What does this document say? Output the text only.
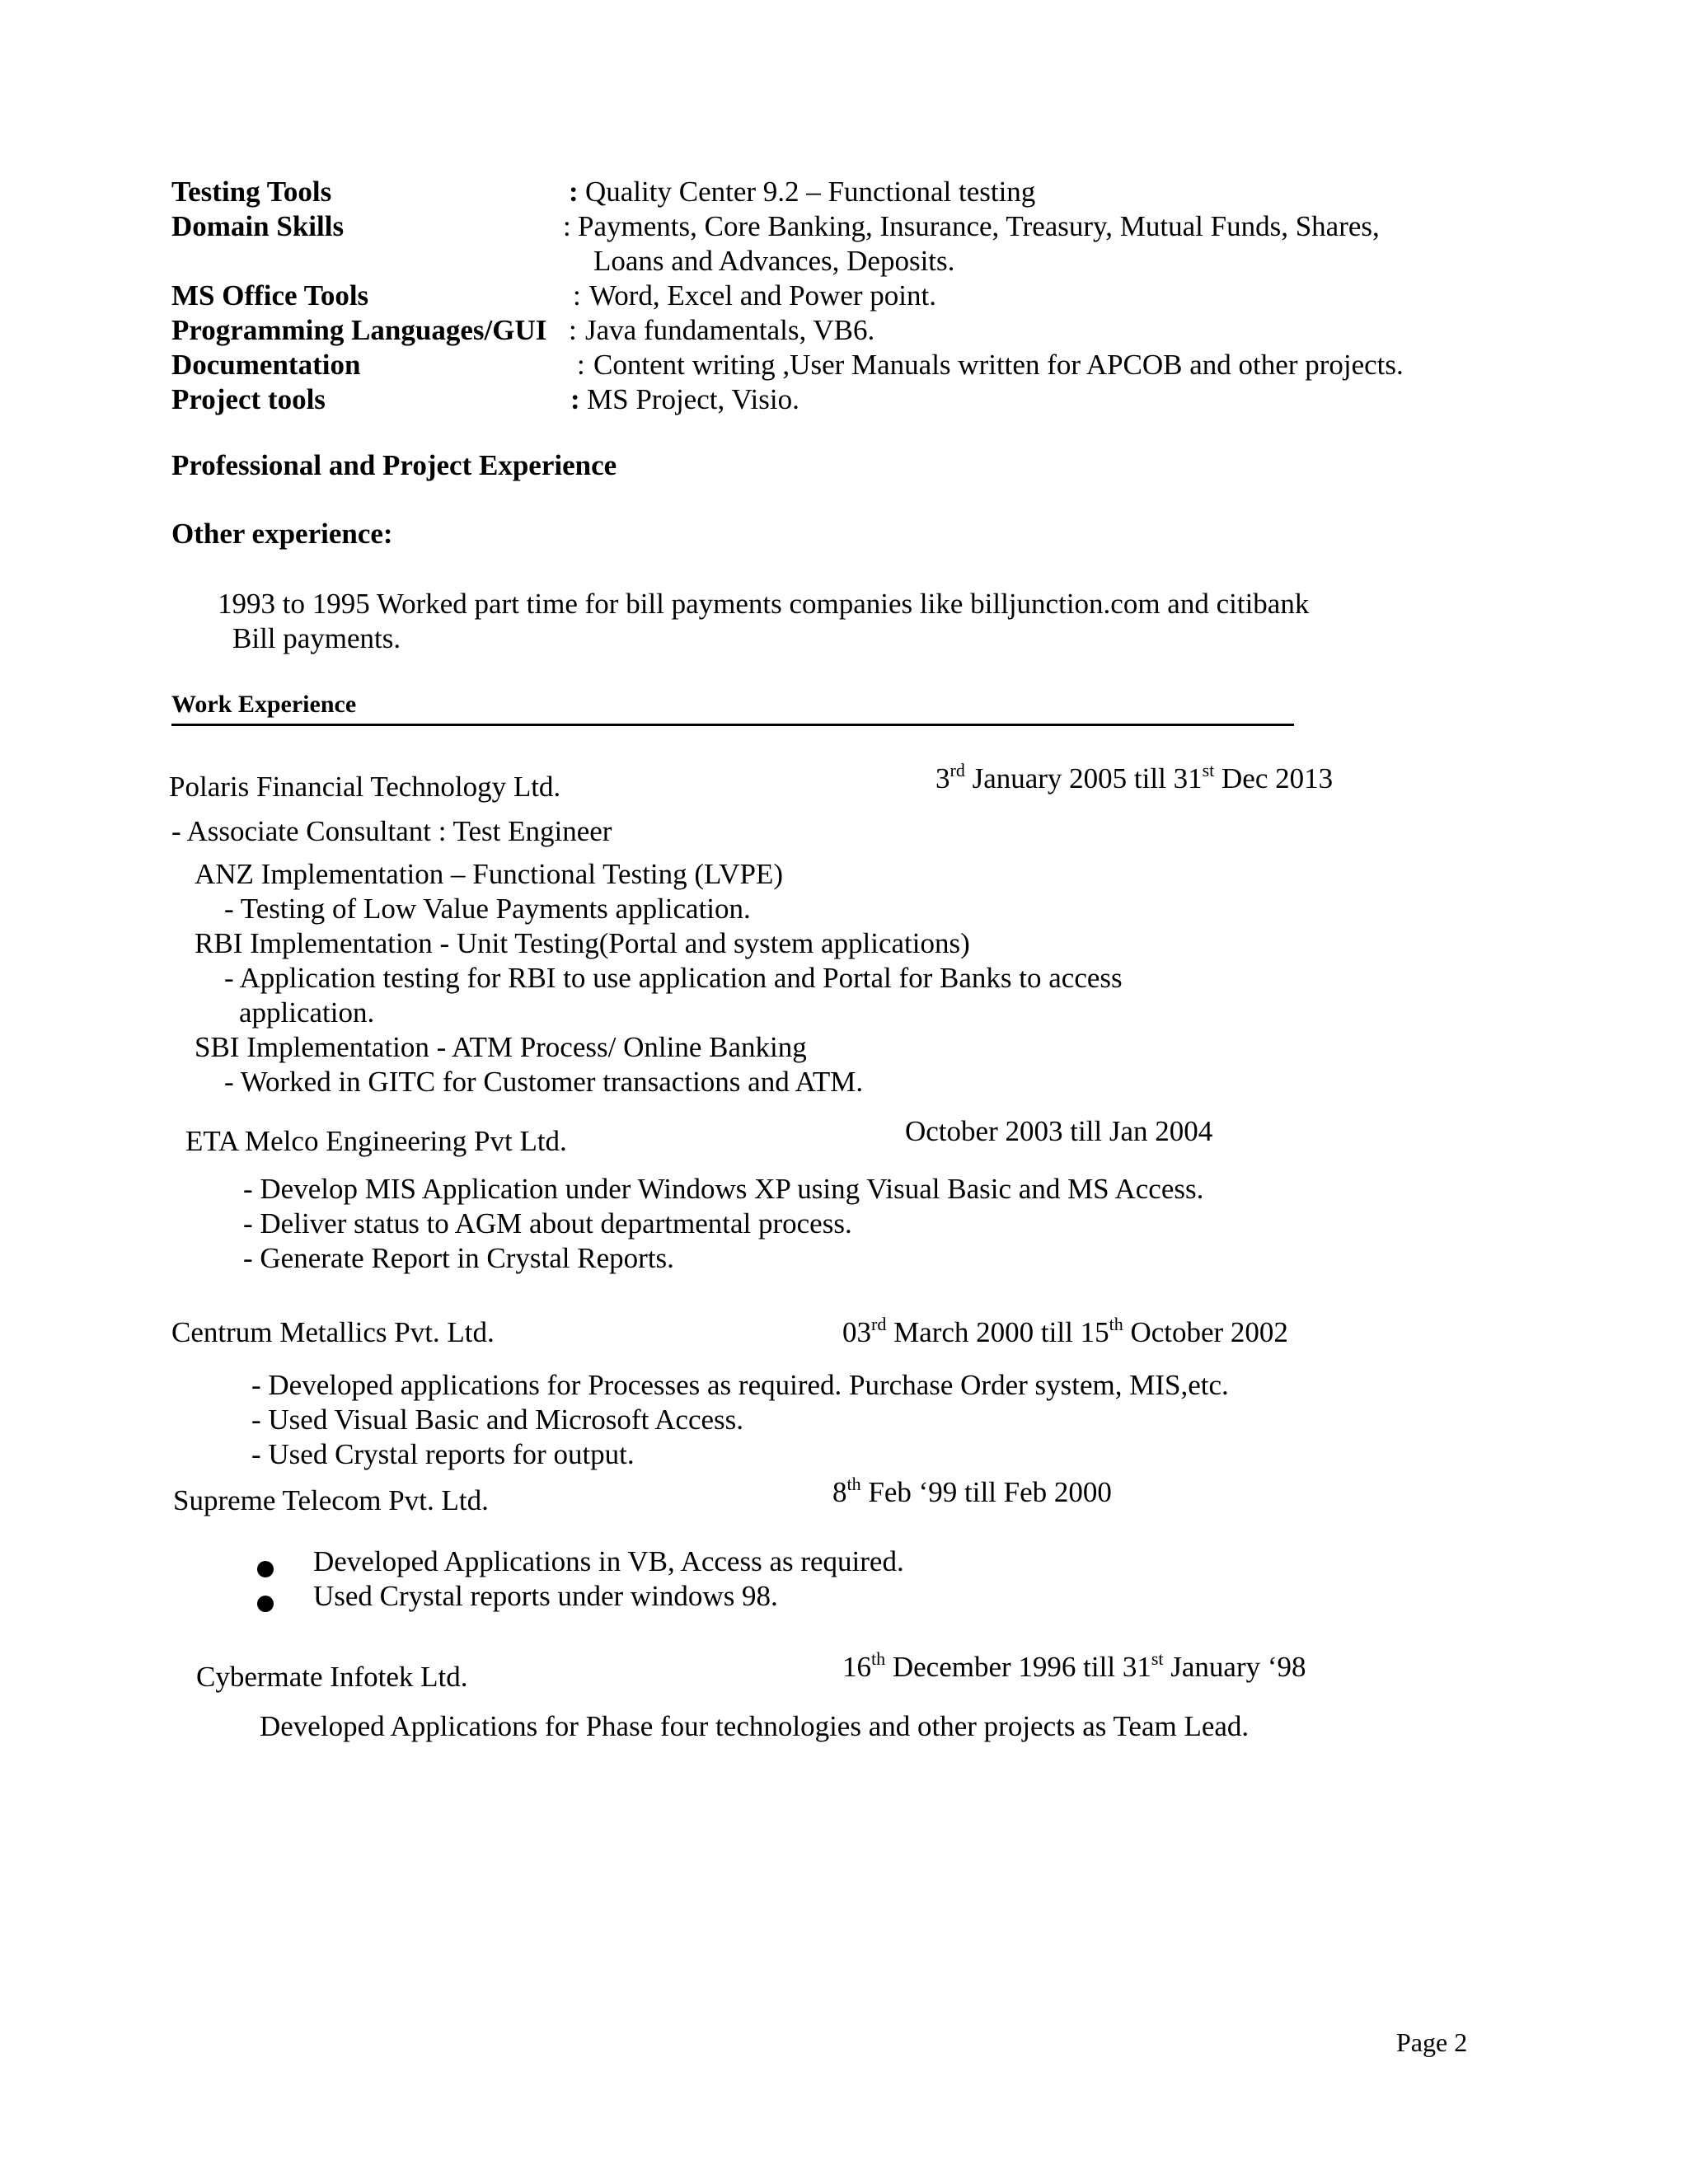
Testing Tools	: Quality Center 9.2 – Functional testing
Domain Skills	: Payments, Core Banking, Insurance, Treasury, Mutual Funds, Shares,
Loans and Advances, Deposits.
MS Office Tools	: Word, Excel and Power point.
Programming Languages/GUI : Java fundamentals, VB6.
Documentation	: Content writing ,User Manuals written for APCOB and other projects.
Project tools	: MS Project, Visio.
Professional and Project Experience
Other experience:
1993 to 1995 Worked part time for bill payments companies like billjunction.com and citibank
Bill payments.
Work Experience
Polaris Financial Technology Ltd.	3rd January 2005 till 31st Dec 2013
- Associate Consultant : Test Engineer
ANZ Implementation – Functional Testing (LVPE)
- Testing of Low Value Payments application.
RBI Implementation - Unit Testing(Portal and system applications)
- Application testing for RBI to use application and Portal for Banks to access
application.
SBI Implementation - ATM Process/ Online Banking
- Worked in GITC for Customer transactions and ATM.
ETA Melco Engineering Pvt Ltd.	October 2003 till Jan 2004
- Develop MIS Application under Windows XP using Visual Basic and MS Access.
- Deliver status to AGM about departmental process.
- Generate Report in Crystal Reports.
Centrum Metallics Pvt. Ltd.	03rd March 2000 till 15th October 2002
- Developed applications for Processes as required. Purchase Order system, MIS,etc.
- Used Visual Basic and Microsoft Access.
- Used Crystal reports for output.
Supreme Telecom Pvt. Ltd.	8th Feb ‘99 till Feb 2000
Developed Applications in VB, Access as required.
Used Crystal reports under windows 98.
Cybermate Infotek Ltd.	16th December 1996 till 31st January ‘98
Developed Applications for Phase four technologies and other projects as Team Lead.
Page 2
